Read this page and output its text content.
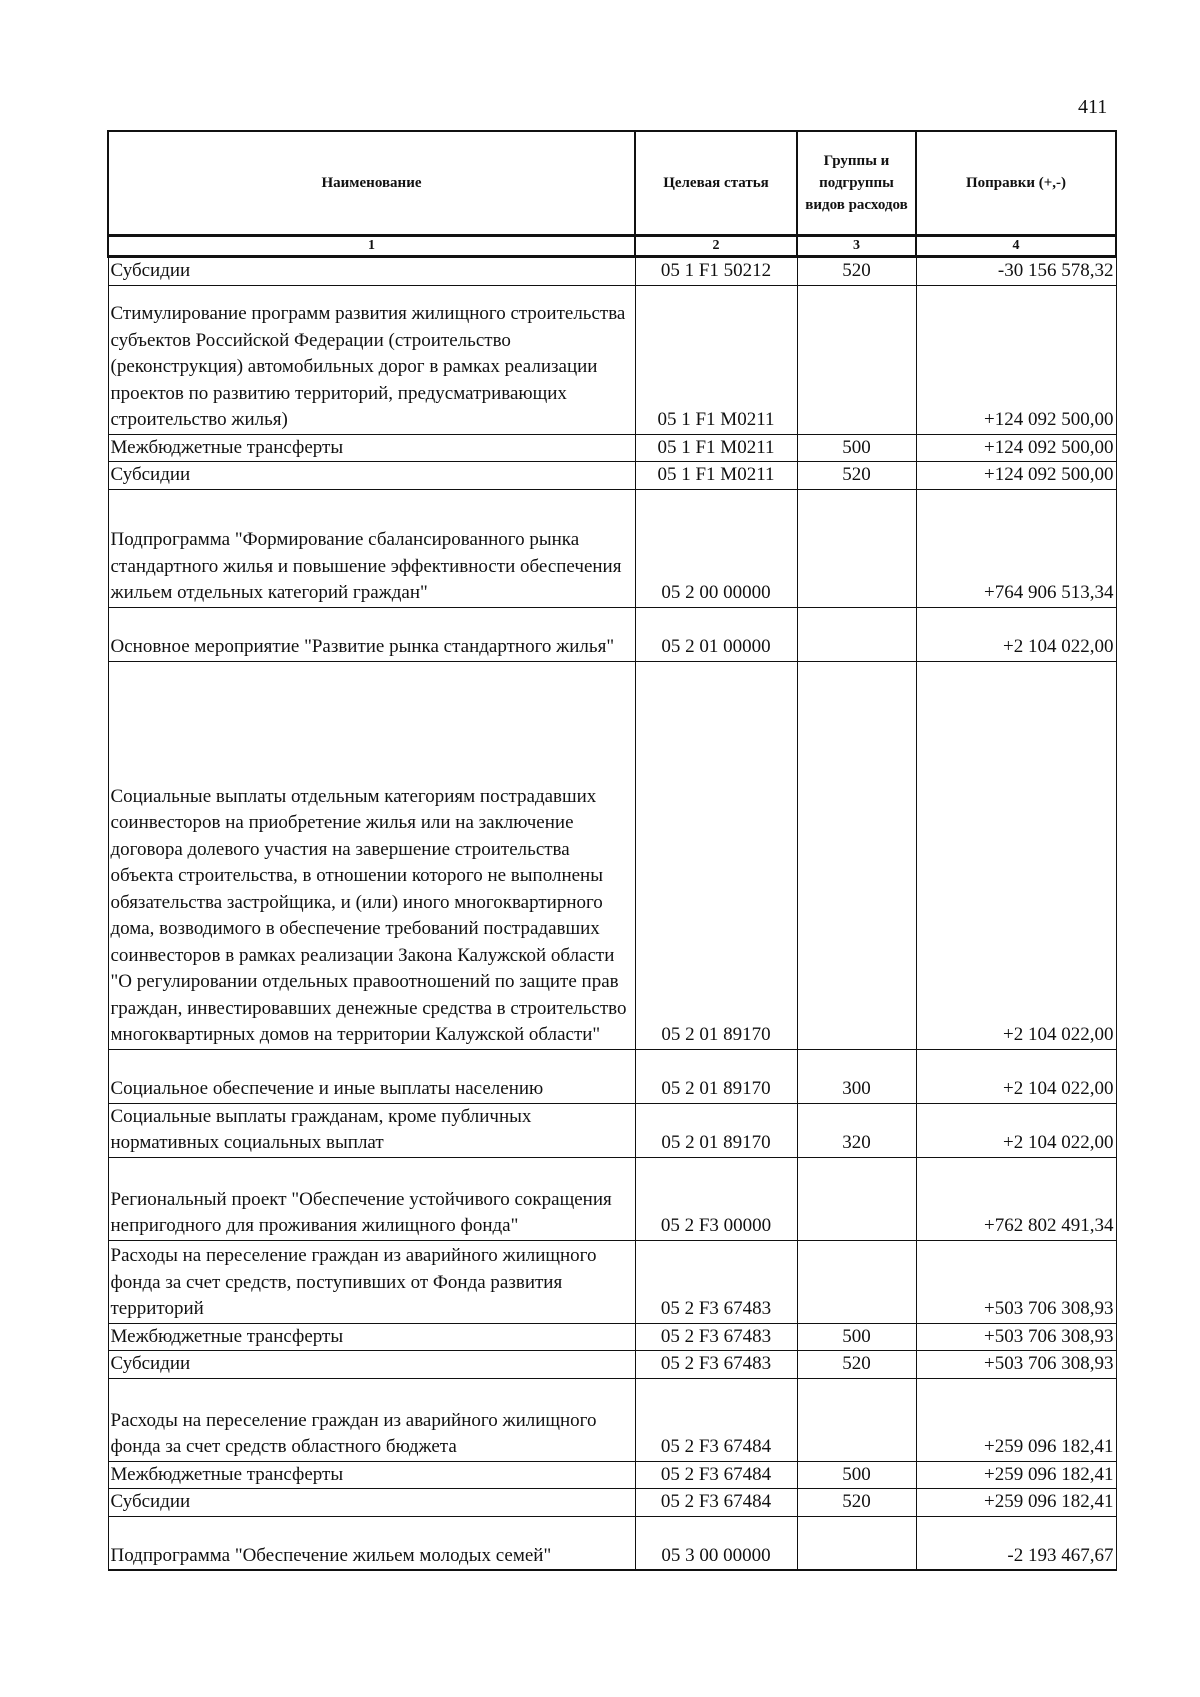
411
Наименование	Целевая статья	Группы и подгруппы видов расходов	Поправки (+,-)
1	2	3	4
Субсидии	05 1 F1 50212	520	-30 156 578,32
Стимулирование программ развития жилищного строительства субъектов Российской Федерации (строительство (реконструкция) автомобильных дорог в рамках реализации проектов по развитию территорий, предусматривающих строительство жилья)	05 1 F1 M0211		+124 092 500,00
Межбюджетные трансферты	05 1 F1 M0211	500	+124 092 500,00
Субсидии	05 1 F1 M0211	520	+124 092 500,00
Подпрограмма "Формирование сбалансированного рынка стандартного жилья и повышение эффективности обеспечения жильем отдельных категорий граждан"	05 2 00 00000		+764 906 513,34
Основное мероприятие "Развитие рынка стандартного жилья"	05 2 01 00000		+2 104 022,00
Социальные выплаты отдельным категориям пострадавших соинвесторов на приобретение жилья или на заключение договора долевого участия на завершение строительства объекта строительства, в отношении которого не выполнены обязательства застройщика, и (или) иного многоквартирного дома, возводимого в обеспечение требований пострадавших соинвесторов в рамках реализации Закона Калужской области "О регулировании отдельных правоотношений по защите прав граждан, инвестировавших денежные средства в строительство многоквартирных домов на территории Калужской области"	05 2 01 89170		+2 104 022,00
Социальное обеспечение и иные выплаты населению	05 2 01 89170	300	+2 104 022,00
Социальные выплаты гражданам, кроме публичных нормативных социальных выплат	05 2 01 89170	320	+2 104 022,00
Региональный проект "Обеспечение устойчивого сокращения непригодного для проживания жилищного фонда"	05 2 F3 00000		+762 802 491,34
Расходы на переселение граждан из аварийного жилищного фонда за счет средств, поступивших от Фонда развития территорий	05 2 F3 67483		+503 706 308,93
Межбюджетные трансферты	05 2 F3 67483	500	+503 706 308,93
Субсидии	05 2 F3 67483	520	+503 706 308,93
Расходы на переселение граждан из аварийного жилищного фонда за счет средств областного бюджета	05 2 F3 67484		+259 096 182,41
Межбюджетные трансферты	05 2 F3 67484	500	+259 096 182,41
Субсидии	05 2 F3 67484	520	+259 096 182,41
Подпрограмма "Обеспечение жильем молодых семей"	05 3 00 00000		-2 193 467,67
